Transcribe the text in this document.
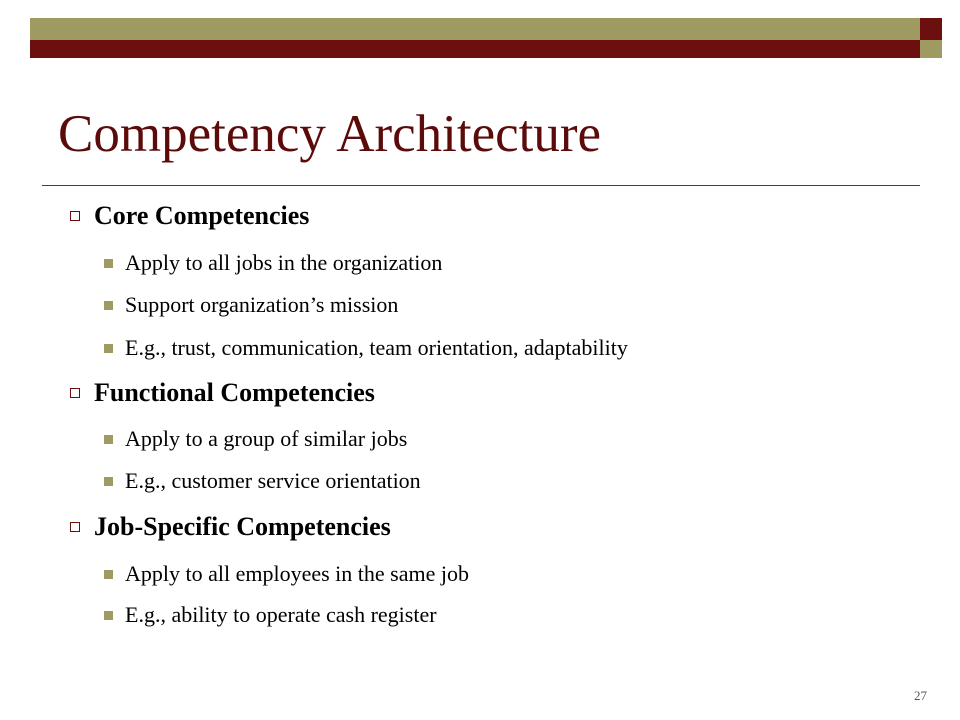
Competency Architecture
Core Competencies
Apply to all jobs in the organization
Support organization’s mission
E.g., trust, communication, team orientation, adaptability
Functional Competencies
Apply to a group of similar jobs
E.g., customer service orientation
Job-Specific Competencies
Apply to all employees in the same job
E.g., ability to operate cash register
27
